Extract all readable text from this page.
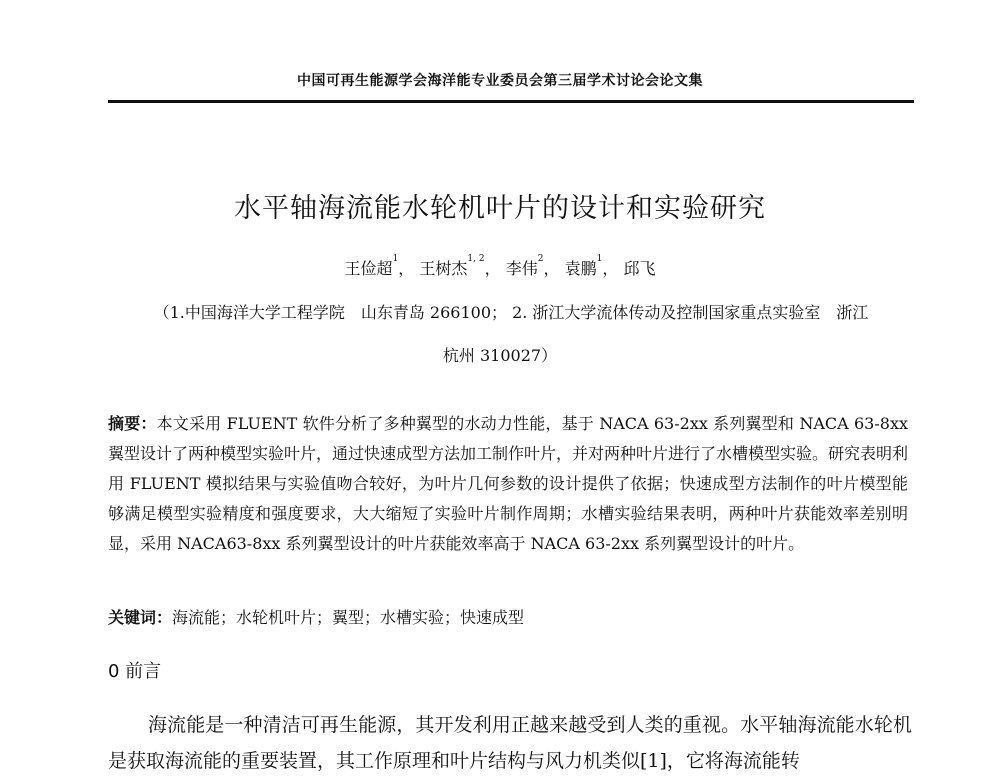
中国可再生能源学会海洋能专业委员会第三届学术讨论会论文集
水平轴海流能水轮机叶片的设计和实验研究
王俭超$^1$， 王树杰$^{1, 2}$， 李伟$^2$， 袁鹏$^1$， 邱飞
（1.中国海洋大学工程学院　山东青岛 266100； 2. 浙江大学流体传动及控制国家重点实验室　浙江
杭州 310027）
摘要：本文采用 FLUENT 软件分析了多种翼型的水动力性能，基于 NACA 63-2xx 系列翼型和 NACA 63-8xx 翼型设计了两种模型实验叶片，通过快速成型方法加工制作叶片，并对两种叶片进行了水槽模型实验。研究表明利用 FLUENT 模拟结果与实验值吻合较好，为叶片几何参数的设计提供了依据；快速成型方法制作的叶片模型能够满足模型实验精度和强度要求，大大缩短了实验叶片制作周期；水槽实验结果表明，两种叶片获能效率差别明显，采用 NACA63-8xx 系列翼型设计的叶片获能效率高于 NACA 63-2xx 系列翼型设计的叶片。
关键词：海流能；水轮机叶片；翼型；水槽实验；快速成型
0 前言
海流能是一种清洁可再生能源，其开发利用正越来越受到人类的重视。水平轴海流能水轮机是获取海流能的重要装置，其工作原理和叶片结构与风力机类似[1]，它将海流能转
